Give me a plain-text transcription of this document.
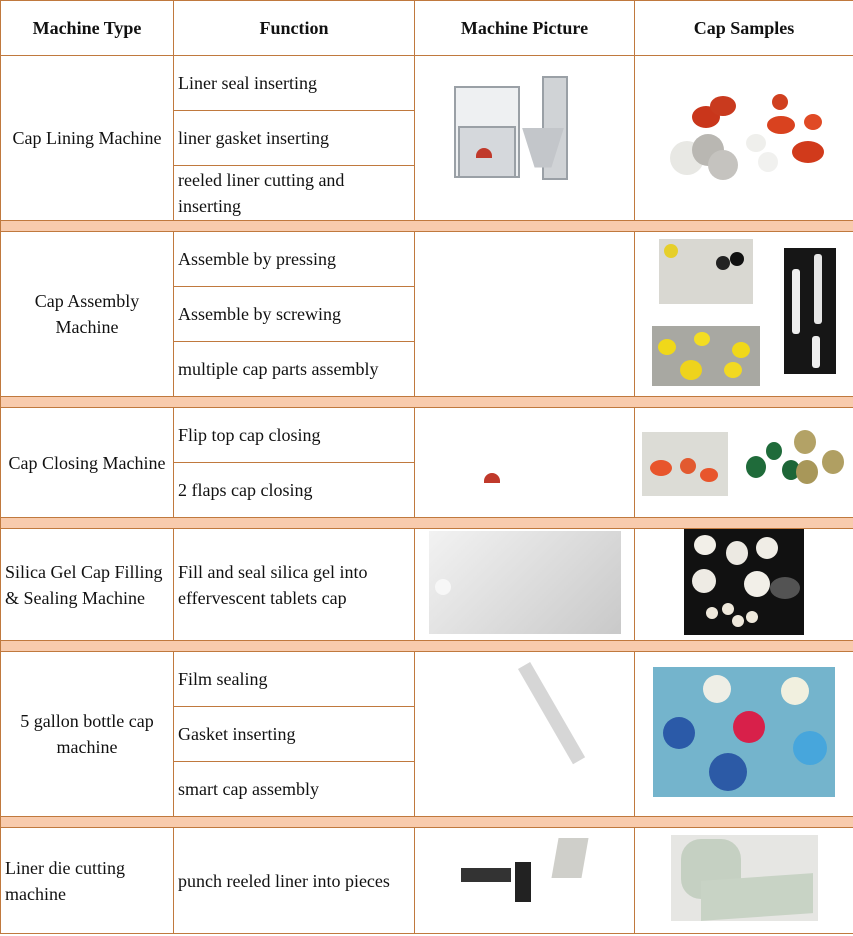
Machine Type	Function	Machine Picture	Cap Samples

Cap Lining Machine	Liner seal inserting	

	liner gasket inserting		
	reeled liner cutting and inserting		

Cap Assembly Machine	Assemble by pressing		

	Assemble by screwing		
	multiple cap parts assembly		

Cap Closing Machine	Flip top cap closing	

	2 flaps cap closing		

Silica Gel Cap Filling & Sealing Machine	Fill and seal silica gel into effervescent tablets cap	

5 gallon bottle cap machine	Film sealing	

	Gasket inserting		
	smart cap assembly		

Liner die cutting machine	punch reeled liner into pieces	
